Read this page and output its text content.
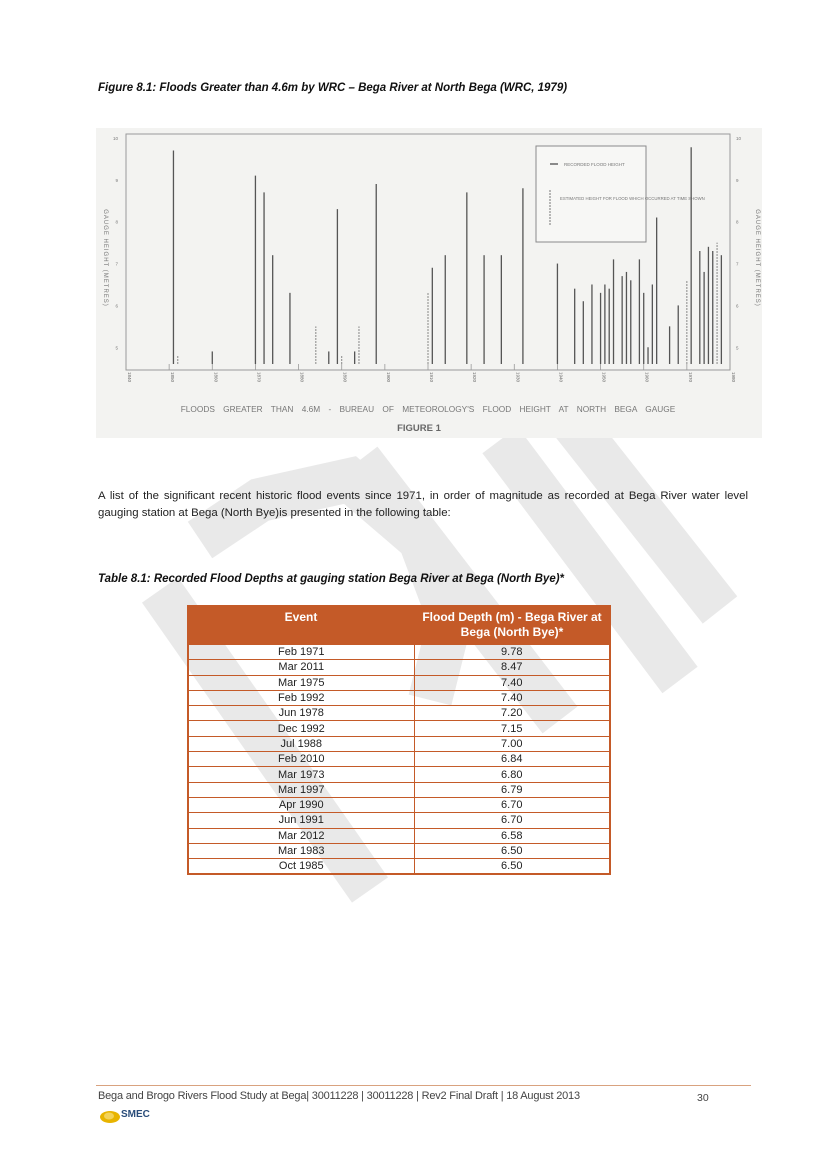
Figure 8.1: Floods Greater than 4.6m by WRC – Bega River at North Bega (WRC, 1979)
GAUGE HEIGHT (METRES)	GAUGE HEIGHT (METRES)
10
9
8
7
6
5
10
9
8
7
6
5
1840	1850	1860	1870	1880	1890	1900	1910	1920	1930	1940	1950	1960	1970	1980
RECORDED FLOOD HEIGHT
ESTIMATED HEIGHT FOR FLOOD WHICH OCCURRED AT TIME SHOWN
FLOODS GREATER THAN 4.6M - BUREAU OF METEOROLOGY'S FLOOD HEIGHT AT NORTH BEGA GAUGE
FIGURE 1
A list of the significant recent historic flood events since 1971, in order of magnitude as recorded at Bega River water level gauging station at Bega (North Bye)is presented in the following table:
Table 8.1: Recorded Flood Depths at gauging station Bega River at Bega (North Bye)*
Event	Flood Depth (m) - Bega River at Bega (North Bye)*
Feb 1971	9.78
Mar 2011	8.47
Mar 1975	7.40
Feb 1992	7.40
Jun 1978	7.20
Dec 1992	7.15
Jul 1988	7.00
Feb 2010	6.84
Mar 1973	6.80
Mar 1997	6.79
Apr 1990	6.70
Jun 1991	6.70
Mar 2012	6.58
Mar 1983	6.50
Oct 1985	6.50
Bega and Brogo Rivers Flood Study at Bega| 30011228 | 30011228 | Rev2 Final Draft | 18 August 2013	30
SMEC
